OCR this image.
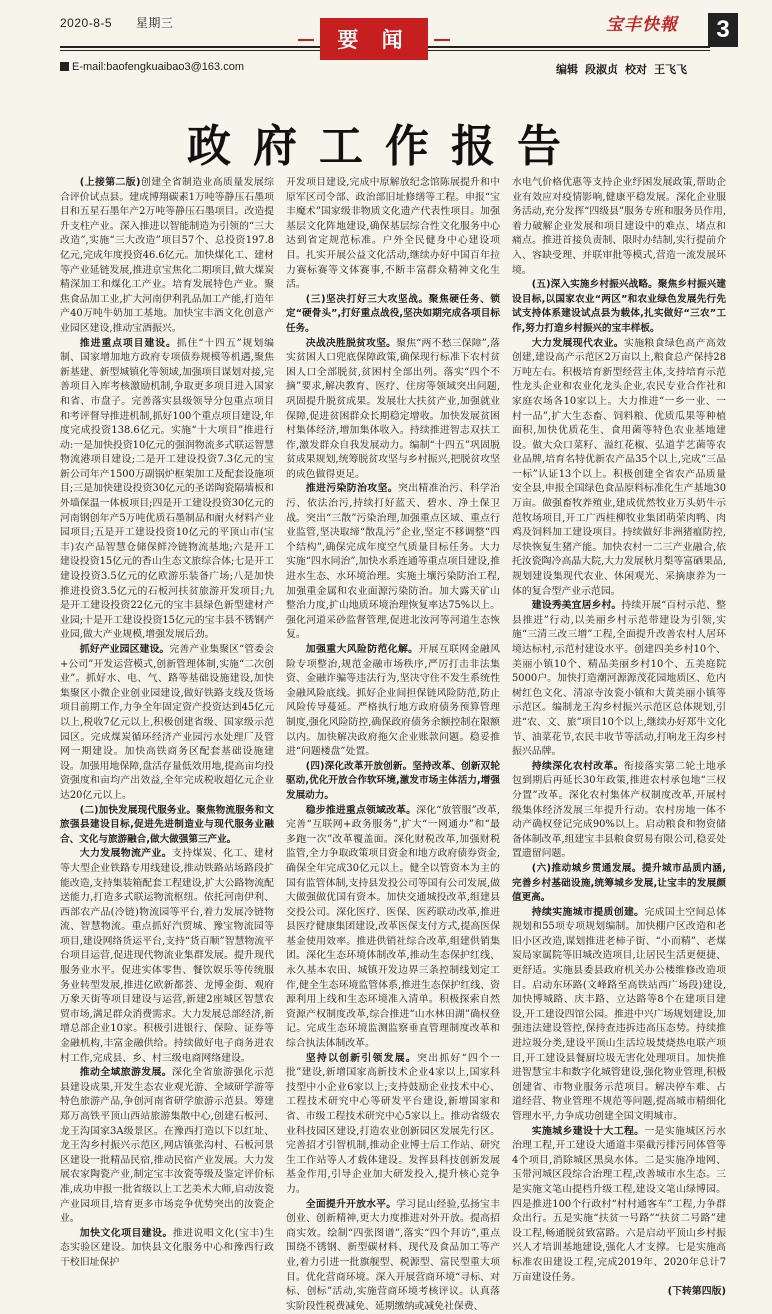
2020-8-5 星期三
E-mail:baofengkuaibao3@163.com
要 闻
宝丰快報	3
编辑 段淑贞 校对 王飞飞
政府工作报告

(上接第二版)创建全省制造业高质量发展综合评价试点县。建成博翔碳素1万吨等静压石墨项目和五星石墨年产2万吨等静压石墨项目。改造提升支柱产业。深入推进以智能制造为引领的“三大改造”,实施“三大改造”项目57个、总投资197.8亿元,完成年度投资46.6亿元。加快煤化工、建材等产业延链发展,推进京宝焦化二期项目,做大煤炭精深加工和煤化工产业。培育发展特色产业。聚焦食品加工业,扩大河南伊利乳品加工产能,打造年产40万吨牛奶加工基地。加快宝丰酒文化创意产业园区建设,推动宝酒振兴。

推进重点项目建设。抓住“十四五”规划编制、国家增加地方政府专项债券规模等机遇,聚焦新基建、新型城镇化等领域,加强项目谋划对接,完善项目入库考核激励机制,争取更多项目进入国家和省、市盘子。完善落实县级领导分包重点项目和考评督导推进机制,抓好100个重点项目建设,年度完成投资138.6亿元。实施“十大项目”推进行动:一是加快投资10亿元的强润物流多式联运智慧物流港项目建设;二是开工建设投资7.3亿元的宝新公司年产1500万副锅炉框架加工及配套设施项目;三是加快建设投资30亿元的圣诺陶瓷隔墙板和外墙保温一体板项目;四是开工建设投资30亿元的河南钢创年产5万吨优质石墨制品和耐火材料产业园项目;五是开工建设投资10亿元的平顶山市(宝丰)农产品智慧仓储保鲜冷链物流基地;六是开工建设投资15亿元的香山生态文旅综合体;七是开工建设投资3.5亿元的亿欧游乐装备广场;八是加快推进投资3.5亿元的石板河扶贫旅游开发项目;九是开工建设投资22亿元的宝丰县绿色新型建材产业园;十是开工建设投资15亿元的宝丰县不锈钢产业园,做大产业规模,增强发展后劲。

抓好产业园区建设。完善产业集聚区“管委会+公司”开发运营模式,创新管理体制,实施“二次创业”。抓好水、电、气、路等基础设施建设,加快集聚区小微企业创业园建设,做好铁路支线及货场项目前期工作,力争全年固定资产投资达到45亿元以上,税收7亿元以上,积极创建省级、国家级示范园区。完成煤炭循环经济产业园污水处理厂及管网一期建设。加快高铁商务区配套基础设施建设。加强用地保障,盘活存量低效用地,提高亩均投资强度和亩均产出效益,全年完成税收超亿元企业达20亿元以上。

(二)加快发展现代服务业。聚焦物流服务和文旅强县建设目标,促进先进制造业与现代服务业融合、文化与旅游融合,做大做强第三产业。

大力发展物流产业。支持煤炭、化工、建材等大型企业铁路专用线建设,推动铁路站场路段扩能改造,支持集装箱配套工程建设,扩大公路物流配送能力,打造多式联运物流枢纽。依托河南伊利、西部农产品(冷链)物流园等平台,着力发展冷链物流、智慧物流。重点抓好汽贸城、豫宝物流园等项目,建设网络货运平台,支持“货百顺”智慧物流平台项目运营,促进现代物流业集群发展。提升现代服务业水平。促进实体零售、餐饮娱乐等传统服务业转型发展,推进亿欧新都荟、龙博金街、观府万象天街等项目建设与运营,新建2座城区智慧农贸市场,满足群众消费需求。大力发展总部经济,新增总部企业10家。积极引进银行、保险、证券等金融机构,丰富金融供给。持续做好电子商务进农村工作,完成县、乡、村三级电商网络建设。

推动全域旅游发展。深化全省旅游强化示范县建设成果,开发生态农业观光游、全域研学游等特色旅游产品,争创河南省研学旅游示范县。筹建郑万高铁平顶山西站旅游集散中心,创建石板河、龙王沟国家3A级景区。在豫西打造以下以红址、龙王沟乡村振兴示范区,网店镇张沟村、石板河景区建设一批精品民宿,推动民宿产业发展。大力发展农家陶瓷产业,制定宝丰汝瓷等级及鉴定评价标准,成功申报一批省级以上工艺美术大师,启动汝瓷产业园项目,培育更多市场竞争优势突出的汝瓷企业。

加快文化项目建设。推进说唱文化(宝丰)生态实验区建设。加快县文化服务中心和豫西行政干校旧址保护

开发项目建设,完成中原解放纪念馆陈展提升和中原军区司令部、政治部旧址修缮等工程。申报“宝丰魔术”国家级非物质文化遗产代表性项目。加强基层文化阵地建设,确保基层综合性文化服务中心达到省定规范标准。户外全民健身中心建设项目。扎实开展公益文化活动,继续办好中国百年拉力赛标赛等文体赛事,不断丰富群众精神文化生活。

(三)坚决打好三大攻坚战。聚焦硬任务、锁定“硬骨头”,打好重点战役,坚决如期完成各项目标任务。

决战决胜脱贫攻坚。聚焦“两不愁三保障”,落实贫困人口兜底保障政策,确保现行标准下农村贫困人口全部脱贫,贫困村全部出列。落实“四个不摘”要求,解决教育、医疗、住房等领域突出问题,巩固提升脱贫成果。发展壮大扶贫产业,加强就业保障,促进贫困群众长期稳定增收。加快发展贫困村集体经济,增加集体收入。持续推进智志双扶工作,激发群众自我发展动力。编制“十四五”巩固脱贫成果规划,统筹脱贫攻坚与乡村振兴,把脱贫攻坚的成色做得更足。

推进污染防治攻坚。突出精准治污、科学治污、依法治污,持续打好蓝天、碧水、净土保卫战。突出“三散”污染治理,加强重点区域、重点行业监管,坚决取缔“散乱污”企业,坚定不移调整“四个结构”,确保完成年度空气质量目标任务。大力实施“四水同治”,加快水系连通等重点项目建设,推进水生态、水环境治理。实施土壤污染防治工程,加强重金属和农业面源污染防治。加大露天矿山整治力度,扩山地质环境治理恢复率达75%以上。强化河道采砂监督管理,促进北汝河等河道生态恢复。

加强重大风险防范化解。开展互联网金融风险专项整治,规范金融市场秩序,严厉打击非法集资、金融诈骗等违法行为,坚决守住不发生系统性金融风险底线。抓好企业间担保链风险防范,防止风险传导蔓延。严格执行地方政府债务预算管理制度,强化风险防控,确保政府债务余额控制在限额以内。加快解决政府拖欠企业账款问题。稳妥推进“问题楼盘”处置。

(四)深化改革开放创新。坚持改革、创新双轮驱动,优化开放合作软环境,激发市场主体活力,增强发展动力。

稳步推进重点领域改革。深化“放管服”改革,完善“互联网+政务服务”,扩大“一网通办”和“最多跑一次”改革覆盖面。深化财税改革,加强财税监管,全力争取政策项目资金和地方政府债券资金,确保全年完成30亿元以上。健全以管资本为主的国有监管体制,支持县发投公司等国有公司发展,做大做强做优国有资本。加快交通城投改革,组建县交投公司。深化医疗、医保、医药联动改革,推进县医疗健康集团建设,改革医保支付方式,提高医保基金使用效率。推进供销社综合改革,组建供销集团。深化生态环境体制改革,推动生态保护红线、永久基本农田、城镇开发边界三条控制线划定工作,健全生态环境监管体系,推进生态保护红线、资源利用上线和生态环境准入清单。积极探索自然资源产权制度改革,综合推进“山水林田湖”确权登记。完成生态环境监测监察垂直管理制度改革和综合执法体制改革。

坚持以创新引领发展。突出抓好“四个一批”建设,新增国家高新技术企业4家以上,国家科技型中小企业6家以上;支持鼓励企业技术中心、工程技术研究中心等研发平台建设,新增国家和省、市级工程技术研究中心5家以上。推动省级农业科技园区建设,打造农业创新园区发展先行区。完善招才引智机制,推动企业博士后工作站、研究生工作站等人才载体建设。发挥县科技创新发展基金作用,引导企业加大研发投入,提升核心竞争力。

全面提升开放水平。学习昆山经验,弘扬宝丰创业、创新精神,更大力度推进对外开放。提高招商实效。绘制“四张图谱”,落实“四个拜访”,重点围绕不锈钢、新型碳材料、现代及食品加工等产业,着力引进一批旗舰型、税源型、富民型重大项目。优化营商环境。深入开展营商环境“寻标、对标、创标”活动,实施营商环境考核评议。认真落实阶段性税费减免、延期缴纳或减免社保费、

水电气价格优惠等支持企业纾困发展政策,帮助企业有效应对疫情影响,健康平稳发展。深化企业服务活动,充分发挥“四级县”服务专班和服务员作用,着力破解企业发展和项目建设中的难点、堵点和痛点。推进首接负责制、限时办结制,实行提前介入、容缺受理、并联审批等模式,营造一流发展环境。

(五)深入实施乡村振兴战略。聚焦乡村振兴建设目标,以国家农业“两区”和农业绿色发展先行先试支持体系建设试点县为载体,扎实做好“三农”工作,努力打造乡村振兴的宝丰样板。

大力发展现代农业。实施粮食绿色高产高效创建,建设高产示范区2万亩以上,粮食总产保持28万吨左右。积极培育新型经营主体,支持培育示范性龙头企业和农业化龙头企业,农民专业合作社和家庭农场各10家以上。大力推进“一乡一业、一村一品”,扩大生态畜、饲料粮、优质瓜果等种植面积,加快优质花生、食用菌等特色农业基地建设。做大众口菜籽、溢红花椒、弘道芋艺菌等农业品牌,培育名特优新农产品35个以上,完成“三品一标”认证13个以上。积极创建全省农产品质量安全县,申报全国绿色食品原料标准化生产基地30万亩。做强畜牧养殖业,建成优然牧业万头奶牛示范牧场项目,开工广西桂柳牧业集团萌荣肉鸭、肉鸡及饲料加工建设项目。持续做好非洲猪瘟防控,尽快恢复生猪产能。加快农村一二三产业融合,依托汝瓷陶冷高晶大院,大力发展秋月梨等富硒果品,规划建设集现代农业、休闲观光、采摘康养为一体的复合型产业示范园。

建设秀美宜居乡村。持续开展“百村示范、整县推进”行动,以美丽乡村示范带建设为引领,实施“三清三改三增”工程,全面提升改善农村人居环境达标村,示范村建设水平。创建四美乡村10个、美丽小镇10个、精品美丽乡村10个、五美庭院5000户。加快打造潮河源源茂花园地质区、危内树红色文化、清凉寺汝瓷小镇和大黄美丽小镇等示范区。编制龙王沟乡村振兴示范区总体规划,引进“农、文、旅”项目10个以上,继续办好郑牛文化节、油菜花节,农民丰收节等活动,打响龙王沟乡村振兴品牌。

持续深化农村改革。衔接落实第二轮土地承包到期后再延长30年政策,推进农村承包地“三权分置”改革。深化农村集体产权制度改革,开展村级集体经济发展三年提升行动。农村房地一体不动产确权登记完成90%以上。启动粮食和物资储备体制改革,组建宝丰县粮食贸易有限公司,稳妥处置遗留问题。

(六)推动城乡贯通发展。提升城市品质内涵,完善乡村基础设施,统筹城乡发展,让宝丰的发展颜值更高。

持续实施城市提质创建。完成国土空间总体规划和55项专项规划编制。加快棚户区改造和老旧小区改造,谋划推进老柿子街、“小而精”、老煤炭局家属院等旧城改造项目,让居民生活更便捷、更舒适。实施县委县政府机关办公楼维修改造项目。启动东环路(文峰路至高铁站西广场段)建设,加快博城路、庆丰路、立达路等8个在建项目建设,开工建设四馆公园。推进中兴广场规划建设,加强违法建设管控,保持查违拆违高压态势。持续推进垃圾分类,建设平顶山生活垃圾焚烧热电联产项目,开工建设县餐厨垃圾无害化处理项目。加快推进智慧宝丰和数字化城管建设,强化物业管理,积极创建省、市物业服务示范项目。解决停车难、占道经营、物业管理不规范等问题,提高城市精细化管理水平,力争成功创建全国文明城市。

实施城乡建设十大工程。一是实施城区污水治理工程,开工建设大通道丰渠截污排污同体管等4个项目,消除城区黑臭水体。二是实施净地网、玉带河城区段综合治理工程,改善城市水生态。三是实施文笔山提档升级工程,建设文笔山绿博园。四是推进100个行政村“村村通客车”工程,力争群众出行。五是实施“扶贫一号路”“扶贫二号路”建设工程,畅通脱贫致富路。六是启动平顶山乡村振兴人才培训基地建设,强化人才支撑。七是实施高标准农田建设工程,完成2019年、2020年总计7万亩建设任务。

(下转第四版)
